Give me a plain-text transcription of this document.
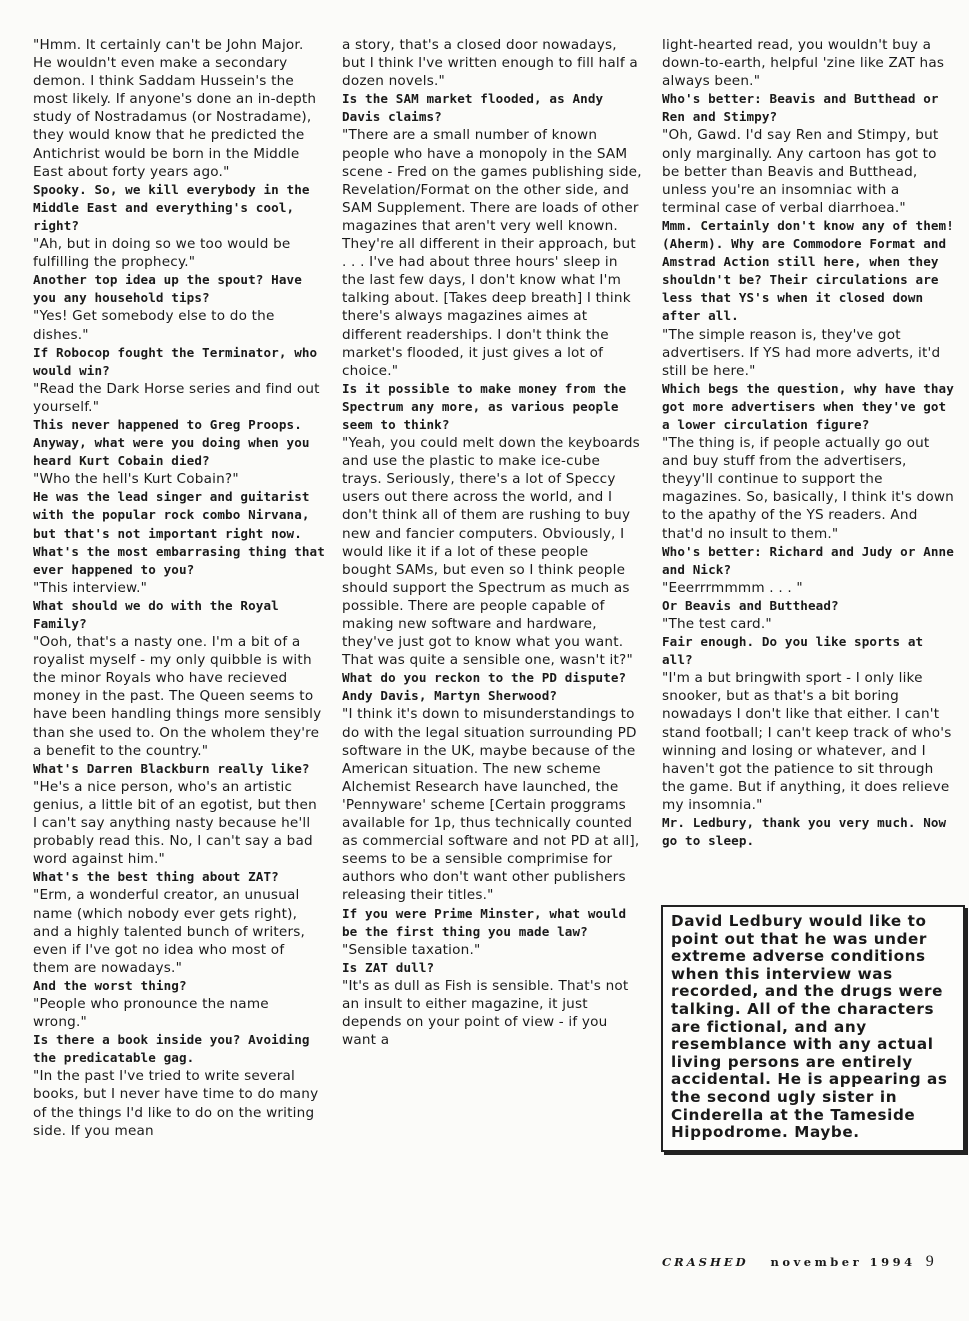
"Hmm. It certainly can't be John Major. He wouldn't even make a secondary demon. I think Saddam Hussein's the most likely. If anyone's done an in-depth study of Nostradamus (or Nostradame), they would know that he predicted the Antichrist would be born in the Middle East about forty years ago."

Spooky. So, we kill everybody in the Middle East and everything's cool, right?

"Ah, but in doing so we too would be fulfilling the prophecy."

Another top idea up the spout? Have you any household tips?

"Yes! Get somebody else to do the dishes."

If Robocop fought the Terminator, who would win?

"Read the Dark Horse series and find out yourself."

This never happened to Greg Proops. Anyway, what were you doing when you heard Kurt Cobain died?

"Who the hell's Kurt Cobain?"

He was the lead singer and guitarist with the popular rock combo Nirvana, but that's not important right now. What's the most embarrasing thing that ever happened to you?

"This interview."

What should we do with the Royal Family?

"Ooh, that's a nasty one. I'm a bit of a royalist myself - my only quibble is with the minor Royals who have recieved money in the past. The Queen seems to have been handling things more sensibly than she used to. On the wholem they're a benefit to the country."

What's Darren Blackburn really like?

"He's a nice person, who's an artistic genius, a little bit of an egotist, but then I can't say anything nasty because he'll probably read this. No, I can't say a bad word against him."

What's the best thing about ZAT?

"Erm, a wonderful creator, an unusual name (which nobody ever gets right), and a highly talented bunch of writers, even if I've got no idea who most of them are nowadays."

And the worst thing?

"People who pronounce the name wrong."

Is there a book inside you? Avoiding the predicatable gag.

"In the past I've tried to write several books, but I never have time to do many of the things I'd like to do on the writing side. If you mean

a story, that's a closed door nowadays, but I think I've written enough to fill half a dozen novels."

Is the SAM market flooded, as Andy Davis claims?

"There are a small number of known people who have a monopoly in the SAM scene - Fred on the games publishing side, Revelation/Format on the other side, and SAM Supplement. There are loads of other magazines that aren't very well known. They're all different in their approach, but . . . I've had about three hours' sleep in the last few days, I don't know what I'm talking about. [Takes deep breath] I think there's always magazines aimes at different readerships. I don't think the market's flooded, it just gives a lot of choice."

Is it possible to make money from the Spectrum any more, as various people seem to think?

"Yeah, you could melt down the keyboards and use the plastic to make ice-cube trays. Seriously, there's a lot of Speccy users out there across the world, and I don't think all of them are rushing to buy new and fancier computers. Obviously, I would like it if a lot of these people bought SAMs, but even so I think people should support the Spectrum as much as possible. There are people capable of making new software and hardware, they've just got to know what you want. That was quite a sensible one, wasn't it?"

What do you reckon to the PD dispute? Andy Davis, Martyn Sherwood?

"I think it's down to misunderstandings to do with the legal situation surrounding PD software in the UK, maybe because of the American situation. The new scheme Alchemist Research have launched, the 'Pennyware' scheme [Certain proggrams available for 1p, thus technically counted as commercial software and not PD at all], seems to be a sensible comprimise for authors who don't want other publishers releasing their titles."

If you were Prime Minster, what would be the first thing you made law?

"Sensible taxation."

Is ZAT dull?

"It's as dull as Fish is sensible. That's not an insult to either magazine, it just depends on your point of view - if you want a

light-hearted read, you wouldn't buy a down-to-earth, helpful 'zine like ZAT has always been."

Who's better: Beavis and Butthead or Ren and Stimpy?

"Oh, Gawd. I'd say Ren and Stimpy, but only marginally. Any cartoon has got to be better than Beavis and Butthead, unless you're an insomniac with a terminal case of verbal diarrhoea."

Mmm. Certainly don't know any of them! (Aherm). Why are Commodore Format and Amstrad Action still here, when they shouldn't be? Their circulations are less that YS's when it closed down after all.

"The simple reason is, they've got advertisers. If YS had more adverts, it'd still be here."

Which begs the question, why have thay got more advertisers when they've got a lower circulation figure?

"The thing is, if people actually go out and buy stuff from the advertisers, theyy'll continue to support the magazines. So, basically, I think it's down to the apathy of the YS readers. And that'd no insult to them."

Who's better: Richard and Judy or Anne and Nick?

"Eeerrrmmmm . . . "

Or Beavis and Butthead?

"The test card."

Fair enough. Do you like sports at all?

"I'm a but bringwith sport - I only like snooker, but as that's a bit boring nowadays I don't like that either. I can't stand football; I can't keep track of who's winning and losing or whatever, and I haven't got the patience to sit through the game. But if anything, it does relieve my insomnia."

Mr. Ledbury, thank you very much. Now go to sleep.

David Ledbury would like to point out that he was under extreme adverse conditions when this interview was recorded, and the drugs were talking. All of the characters are fictional, and any resemblance with any actual living persons are entirely accidental. He is appearing as the second ugly sister in Cinderella at the Tameside Hippodrome. Maybe.
CRASHED november 1994 9
